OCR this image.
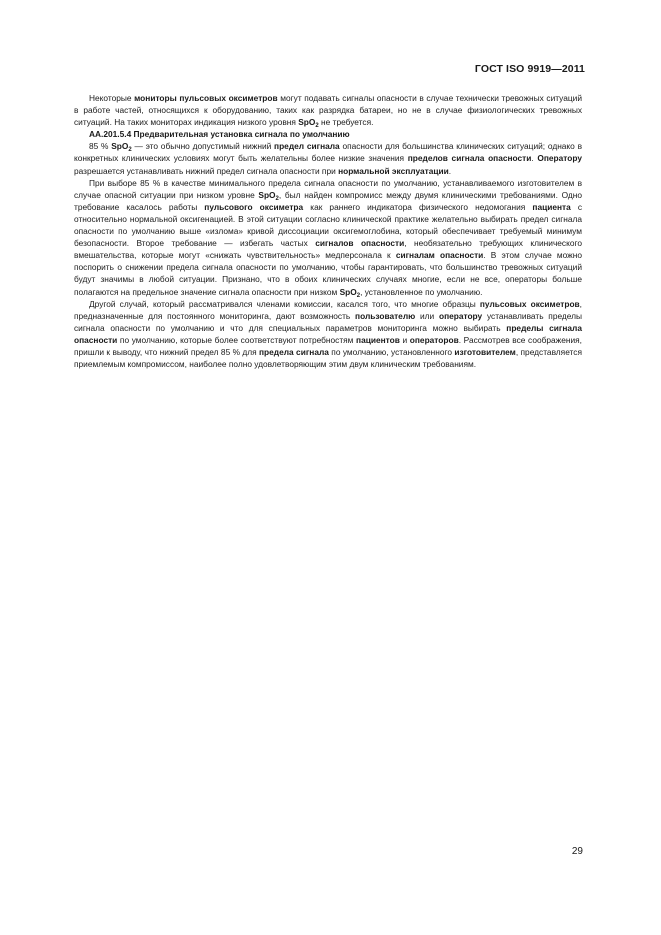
ГОСТ ISO 9919—2011

Некоторые мониторы пульсовых оксиметров могут подавать сигналы опасности в случае технически тревожных ситуаций в работе частей, относящихся к оборудованию, таких как разрядка батареи, но не в случае физиологических тревожных ситуаций. На таких мониторах индикация низкого уровня SpO$_2$ не требуется.

AA.201.5.4 Предварительная установка сигнала по умолчанию

85 % SpO$_2$ — это обычно допустимый нижний предел сигнала опасности для большинства клинических ситуаций; однако в конкретных клинических условиях могут быть желательны более низкие значения пределов сигнала опасности. Оператору разрешается устанавливать нижний предел сигнала опасности при нормальной эксплуатации.

При выборе 85 % в качестве минимального предела сигнала опасности по умолчанию, устанавливаемого изготовителем в случае опасной ситуации при низком уровне SpO$_2$, был найден компромисс между двумя клиническими требованиями. Одно требование касалось работы пульсового оксиметра как раннего индикатора физического недомогания пациента с относительно нормальной оксигенацией. В этой ситуации согласно клинической практике желательно выбирать предел сигнала опасности по умолчанию выше «излома» кривой диссоциации оксигемоглобина, который обеспечивает требуемый минимум безопасности. Второе требование — избегать частых сигналов опасности, необязательно требующих клинического вмешательства, которые могут «снижать чувствительность» медперсонала к сигналам опасности. В этом случае можно поспорить о снижении предела сигнала опасности по умолчанию, чтобы гарантировать, что большинство тревожных ситуаций будут значимы в любой ситуации. Признано, что в обоих клинических случаях многие, если не все, операторы больше полагаются на предельное значение сигнала опасности при низком SpO$_2$, установленное по умолчанию.

Другой случай, который рассматривался членами комиссии, касался того, что многие образцы пульсовых оксиметров, предназначенные для постоянного мониторинга, дают возможность пользователю или оператору устанавливать пределы сигнала опасности по умолчанию и что для специальных параметров мониторинга можно выбирать пределы сигнала опасности по умолчанию, которые более соответствуют потребностям пациентов и операторов. Рассмотрев все соображения, пришли к выводу, что нижний предел 85 % для предела сигнала по умолчанию, установленного изготовителем, представляется приемлемым компромиссом, наиболее полно удовлетворяющим этим двум клиническим требованиям.

29
